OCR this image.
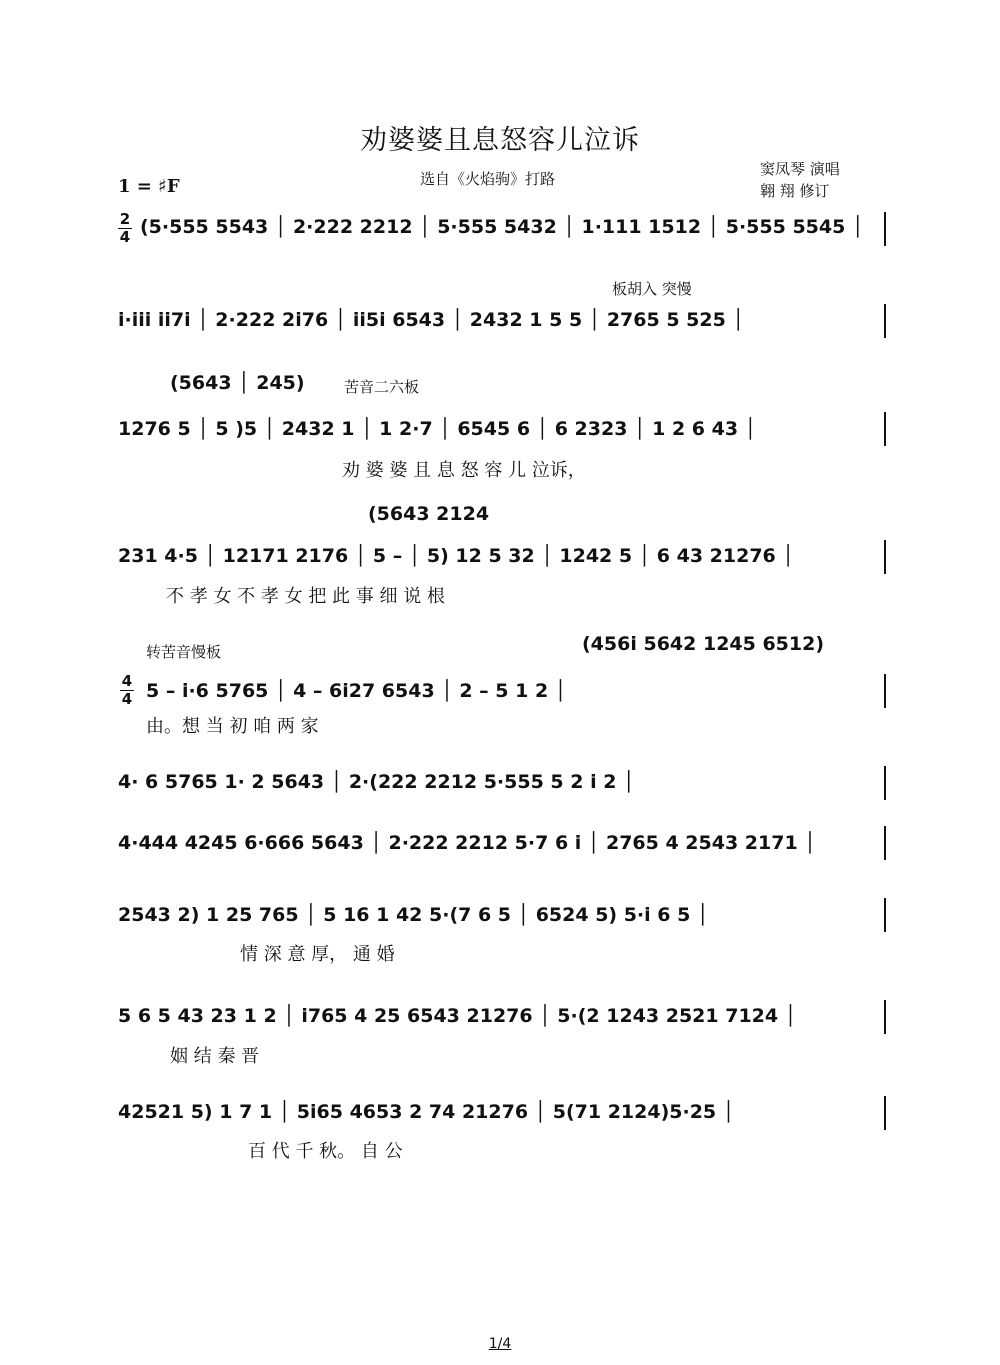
劝婆婆且息怒容儿泣诉
选自《火焰驹》打路
窦凤琴 演唱
翱 翔 修订
1 = ♯F
2
4
板胡入 突慢
苦音二六板
转苦音慢板
4
4
(5·555 5543 │ 2·222 2212 │ 5·555 5432 │ 1·111 1512 │ 5·555 5545 │
i·iii ii7i │ 2·222 2i76 │ ii5i 6543 │ 2432 1 5 5 │ 2765 5 525 │
(5643 │ 245)
1276 5 │ 5 )5 │ 2432 1 │ 1 2·7 │ 6545 6 │ 6 2323 │ 1 2 6 43 │
劝 婆 婆 且 息 怒 容 儿 泣诉，
(5643 2124
231 4·5 │ 12171 2176 │ 5 – │ 5) 12 5 32 │ 1242 5 │ 6 43 21276 │
不 孝 女 不 孝 女 把 此 事 细 说 根
(456i 5642 1245 6512)
5 – i·6 5765 │ 4 – 6i27 6543 │ 2 – 5 1 2 │
由。想 当 初 咱 两 家
4· 6 5765 1· 2 5643 │ 2·(222 2212 5·555 5 2 i 2 │
4·444 4245 6·666 5643 │ 2·222 2212 5·7 6 i │ 2765 4 2543 2171 │
2543 2) 1 25 765 │ 5 16 1 42 5·(7 6 5 │ 6524 5) 5·i 6 5 │
情 深 意 厚， 通 婚
5 6 5 43 23 1 2 │ i765 4 25 6543 21276 │ 5·(2 1243 2521 7124 │
姻 结 秦 晋
42521 5) 1 7 1 │ 5i65 4653 2 74 21276 │ 5(71 2124)5·25 │
百 代 千 秋。 自 公
1/4
